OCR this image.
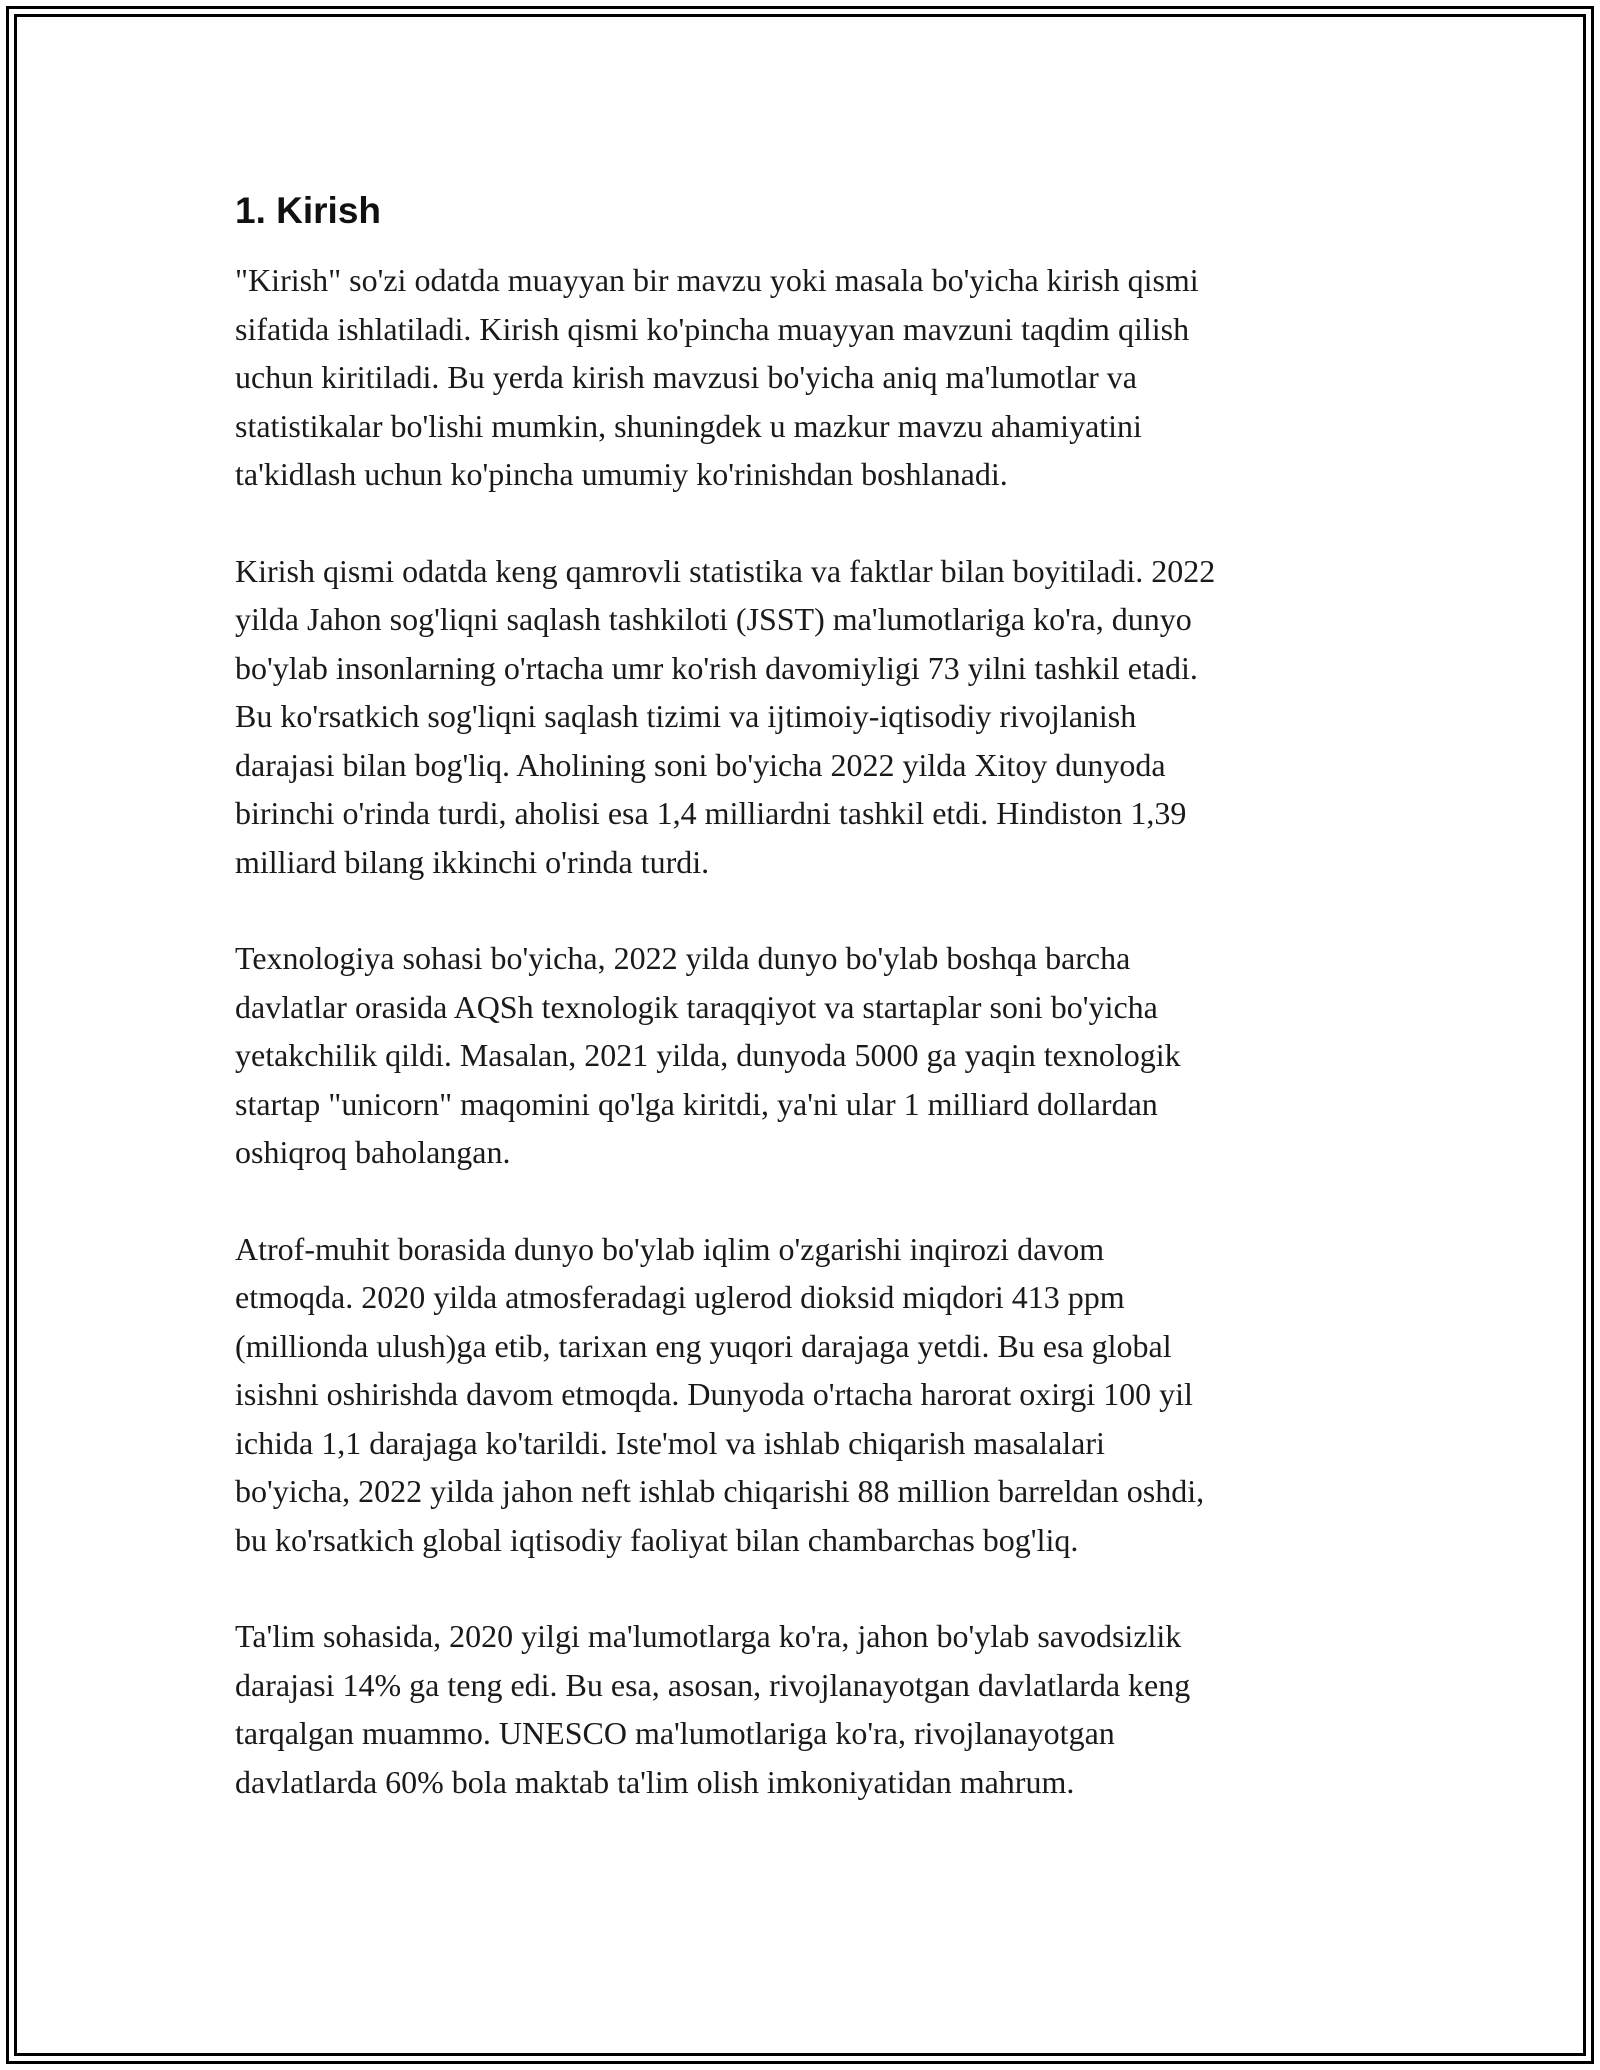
1. Kirish

"Kirish" so'zi odatda muayyan bir mavzu yoki masala bo'yicha kirish qismi
sifatida ishlatiladi. Kirish qismi ko'pincha muayyan mavzuni taqdim qilish
uchun kiritiladi. Bu yerda kirish mavzusi bo'yicha aniq ma'lumotlar va
statistikalar bo'lishi mumkin, shuningdek u mazkur mavzu ahamiyatini
ta'kidlash uchun ko'pincha umumiy ko'rinishdan boshlanadi.

Kirish qismi odatda keng qamrovli statistika va faktlar bilan boyitiladi. 2022
yilda Jahon sog'liqni saqlash tashkiloti (JSST) ma'lumotlariga ko'ra, dunyo
bo'ylab insonlarning o'rtacha umr ko'rish davomiyligi 73 yilni tashkil etadi.
Bu ko'rsatkich sog'liqni saqlash tizimi va ijtimoiy-iqtisodiy rivojlanish
darajasi bilan bog'liq. Aholining soni bo'yicha 2022 yilda Xitoy dunyoda
birinchi o'rinda turdi, aholisi esa 1,4 milliardni tashkil etdi. Hindiston 1,39
milliard bilang ikkinchi o'rinda turdi.

Texnologiya sohasi bo'yicha, 2022 yilda dunyo bo'ylab boshqa barcha
davlatlar orasida AQSh texnologik taraqqiyot va startaplar soni bo'yicha
yetakchilik qildi. Masalan, 2021 yilda, dunyoda 5000 ga yaqin texnologik
startap "unicorn" maqomini qo'lga kiritdi, ya'ni ular 1 milliard dollardan
oshiqroq baholangan.

Atrof-muhit borasida dunyo bo'ylab iqlim o'zgarishi inqirozi davom
etmoqda. 2020 yilda atmosferadagi uglerod dioksid miqdori 413 ppm
(millionda ulush)ga etib, tarixan eng yuqori darajaga yetdi. Bu esa global
isishni oshirishda davom etmoqda. Dunyoda o'rtacha harorat oxirgi 100 yil
ichida 1,1 darajaga ko'tarildi. Iste'mol va ishlab chiqarish masalalari
bo'yicha, 2022 yilda jahon neft ishlab chiqarishi 88 million barreldan oshdi,
bu ko'rsatkich global iqtisodiy faoliyat bilan chambarchas bog'liq.

Ta'lim sohasida, 2020 yilgi ma'lumotlarga ko'ra, jahon bo'ylab savodsizlik
darajasi 14% ga teng edi. Bu esa, asosan, rivojlanayotgan davlatlarda keng
tarqalgan muammo. UNESCO ma'lumotlariga ko'ra, rivojlanayotgan
davlatlarda 60% bola maktab ta'lim olish imkoniyatidan mahrum.
